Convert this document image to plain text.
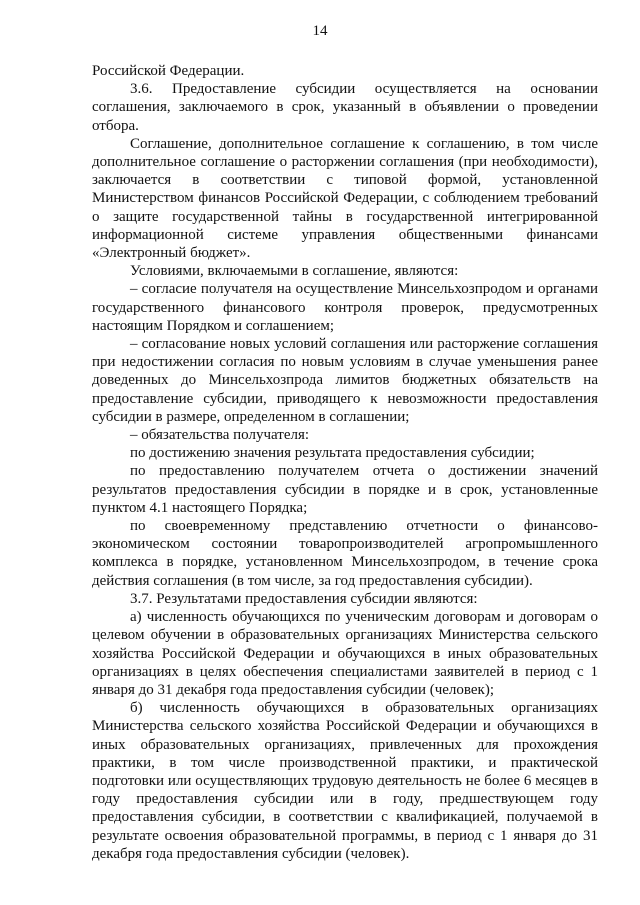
14

Российской Федерации.

3.6. Предоставление субсидии осуществляется на основании соглашения, заключаемого в срок, указанный в объявлении о проведении отбора.

Соглашение, дополнительное соглашение к соглашению, в том числе дополнительное соглашение о расторжении соглашения (при необходимости), заключается в соответствии с типовой формой, установленной Министерством финансов Российской Федерации, с соблюдением требований о защите государственной тайны в государственной интегрированной информационной системе управления общественными финансами «Электронный бюджет».

Условиями, включаемыми в соглашение, являются:

– согласие получателя на осуществление Минсельхозпродом и органами государственного финансового контроля проверок, предусмотренных настоящим Порядком и соглашением;

– согласование новых условий соглашения или расторжение соглашения при недостижении согласия по новым условиям в случае уменьшения ранее доведенных до Минсельхозпрода лимитов бюджетных обязательств на предоставление субсидии, приводящего к невозможности предоставления субсидии в размере, определенном в соглашении;

– обязательства получателя:

по достижению значения результата предоставления субсидии;

по предоставлению получателем отчета о достижении значений результатов предоставления субсидии в порядке и в срок, установленные пунктом 4.1 настоящего Порядка;

по своевременному представлению отчетности о финансово-экономическом состоянии товаропроизводителей агропромышленного комплекса в порядке, установленном Минсельхозпродом, в течение срока действия соглашения (в том числе, за год предоставления субсидии).

3.7. Результатами предоставления субсидии являются:

а) численность обучающихся по ученическим договорам и договорам о целевом обучении в образовательных организациях Министерства сельского хозяйства Российской Федерации и обучающихся в иных образовательных организациях в целях обеспечения специалистами заявителей в период с 1 января до 31 декабря года предоставления субсидии (человек);

б) численность обучающихся в образовательных организациях Министерства сельского хозяйства Российской Федерации и обучающихся в иных образовательных организациях, привлеченных для прохождения практики, в том числе производственной практики, и практической подготовки или осуществляющих трудовую деятельность не более 6 месяцев в году предоставления субсидии или в году, предшествующем году предоставления субсидии, в соответствии с квалификацией, получаемой в результате освоения образовательной программы, в период с 1 января до 31 декабря года предоставления субсидии (человек).
